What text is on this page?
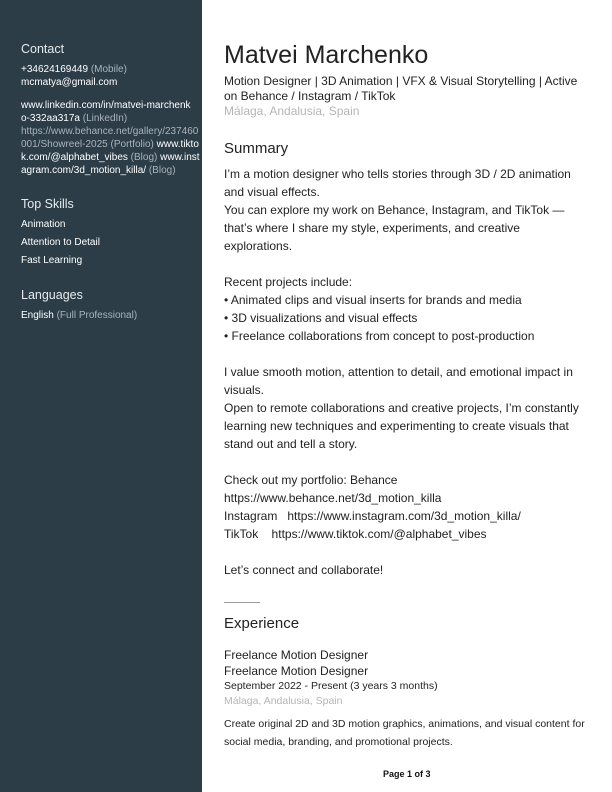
Contact
+34624169449 (Mobile)
mcmatya@gmail.com
www.linkedin.com/in/matvei-marchenko-332aa317a (LinkedIn)
https://www.behance.net/gallery/237460001/Showreel-2025 (Portfolio) www.tiktok.com/@alphabet_vibes (Blog) www.instagram.com/3d_motion_killa/ (Blog)
Top Skills
Animation
Attention to Detail
Fast Learning
Languages
English (Full Professional)
Matvei Marchenko
Motion Designer | 3D Animation | VFX & Visual Storytelling | Active on Behance / Instagram / TikTok
Málaga, Andalusia, Spain
Summary

I’m a motion designer who tells stories through 3D / 2D animation and visual effects.

You can explore my work on Behance, Instagram, and TikTok — that’s where I share my style, experiments, and creative explorations.

Recent projects include:

• Animated clips and visual inserts for brands and media

• 3D visualizations and visual effects

• Freelance collaborations from concept to post-production

I value smooth motion, attention to detail, and emotional impact in visuals.

Open to remote collaborations and creative projects, I’m constantly learning new techniques and experimenting to create visuals that stand out and tell a story.

Check out my portfolio: Behance https://www.behance.net/3d_motion_killa

Instagram   https://www.instagram.com/3d_motion_killa/

TikTok    https://www.tiktok.com/@alphabet_vibes

Let’s connect and collaborate!

Experience
Freelance Motion Designer
Freelance Motion Designer
September 2022 - Present (3 years 3 months)
Málaga, Andalusia, Spain
Create original 2D and 3D motion graphics, animations, and visual content for social media, branding, and promotional projects.
Page 1 of 3
